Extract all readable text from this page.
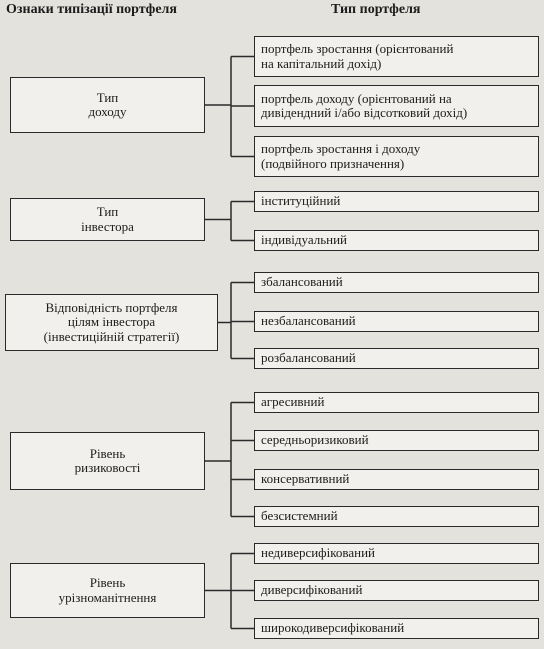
Ознаки типізації портфеля	Тип портфеля
Тип
доходу
портфель зростання (орієнтований
на капітальний дохід)
портфель доходу (орієнтований на
дивідендний і/або відсотковий дохід)
портфель зростання і доходу
(подвійного призначення)
Тип
інвестора
інституційний
індивідуальний
Відповідність портфеля
цілям інвестора
(інвестиційній стратегії)
збалансований
незбалансований
розбалансований
Рівень
ризиковості
агресивний
середньоризиковий
консервативний
безсистемний
Рівень
урізноманітнення
недиверсифікований
диверсифікований
широкодиверсифікований
